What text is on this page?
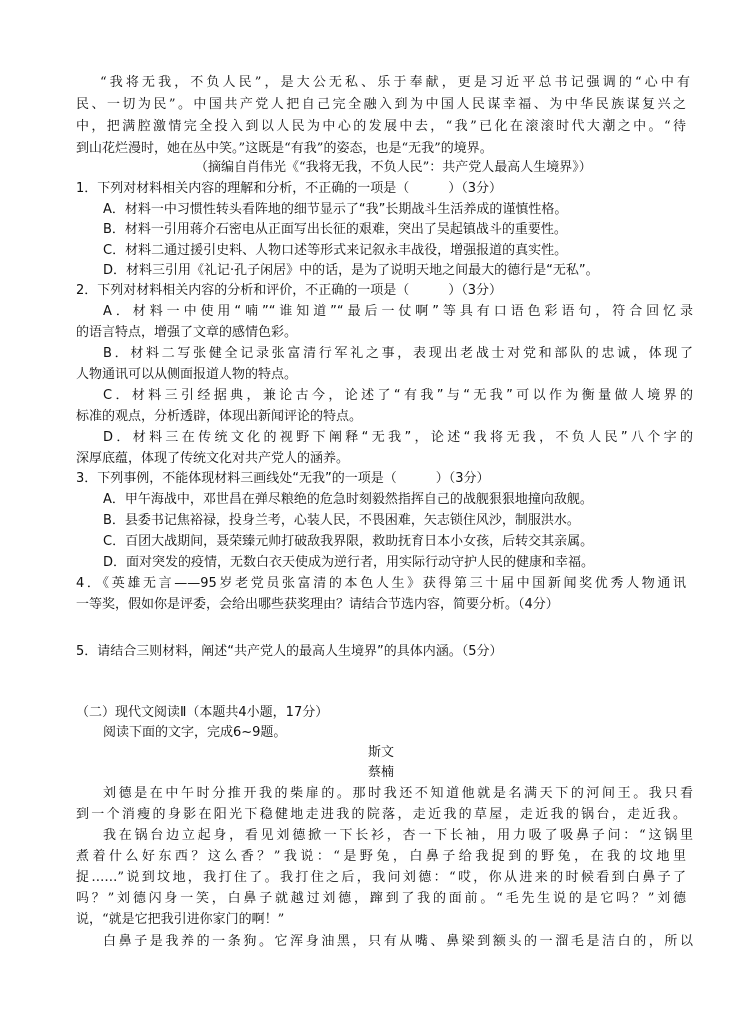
“我将无我，不负人民”，是大公无私、乐于奉献，更是习近平总书记强调的“心中有
民、一切为民”。中国共产党人把自己完全融入到为中国人民谋幸福、为中华民族谋复兴之
中，把满腔激情完全投入到以人民为中心的发展中去，“我”已化在滚滚时代大潮之中。“待
到山花烂漫时，她在丛中笑。”这既是“有我”的姿态，也是“无我”的境界。
（摘编自肖伟光《“我将无我，不负人民”：共产党人最高人生境界》）
1．下列对材料相关内容的理解和分析，不正确的一项是（　　　）（3分）
A．材料一中习惯性转头看阵地的细节显示了“我”长期战斗生活养成的谨慎性格。
B．材料一引用蒋介石密电从正面写出长征的艰难，突出了吴起镇战斗的重要性。
C．材料二通过援引史料、人物口述等形式来记叙永丰战役，增强报道的真实性。
D．材料三引用《礼记·孔子闲居》中的话，是为了说明天地之间最大的德行是“无私”。
2．下列对材料相关内容的分析和评价，不正确的一项是（　　　）（3分）
A．材料一中使用“喃”“谁知道”“最后一仗啊”等具有口语色彩语句，符合回忆录
的语言特点，增强了文章的感情色彩。
B．材料二写张健全记录张富清行军礼之事，表现出老战士对党和部队的忠诚，体现了
人物通讯可以从侧面报道人物的特点。
C．材料三引经据典，兼论古今，论述了“有我”与“无我”可以作为衡量做人境界的
标准的观点，分析透辟，体现出新闻评论的特点。
D．材料三在传统文化的视野下阐释“无我”，论述“我将无我，不负人民”八个字的
深厚底蕴，体现了传统文化对共产党人的涵养。
3．下列事例，不能体现材料三画线处“无我”的一项是（　　　）（3分）
A．甲午海战中，邓世昌在弹尽粮绝的危急时刻毅然指挥自己的战舰狠狠地撞向敌舰。
B．县委书记焦裕禄，投身兰考，心装人民，不畏困难，矢志锁住风沙，制服洪水。
C．百团大战期间，聂荣臻元帅打破敌我界限，救助抚育日本小女孩，后转交其亲属。
D．面对突发的疫情，无数白衣天使成为逆行者，用实际行动守护人民的健康和幸福。
4．《英雄无言——95岁老党员张富清的本色人生》获得第三十届中国新闻奖优秀人物通讯
一等奖，假如你是评委，会给出哪些获奖理由？请结合节选内容，简要分析。（4分）
5．请结合三则材料，阐述“共产党人的最高人生境界”的具体内涵。（5分）
（二）现代文阅读Ⅱ（本题共4小题，17分）
阅读下面的文字，完成6~9题。
斯文
蔡楠
刘德是在中午时分推开我的柴扉的。那时我还不知道他就是名满天下的河间王。我只看
到一个消瘦的身影在阳光下稳健地走进我的院落，走近我的草屋，走近我的锅台，走近我。
我在锅台边立起身，看见刘德掀一下长衫，杏一下长袖，用力吸了吸鼻子问：“这锅里
煮着什么好东西？这么香？”我说：“是野兔，白鼻子给我捉到的野兔，在我的坟地里
捉……”说到坟地，我打住了。我打住之后，我问刘德：“哎，你从进来的时候看到白鼻子了
吗？”刘德闪身一笑，白鼻子就越过刘德，蹿到了我的面前。“毛先生说的是它吗？”刘德
说，“就是它把我引进你家门的啊！”
白鼻子是我养的一条狗。它浑身油黑，只有从嘴、鼻梁到额头的一溜毛是洁白的，所以
